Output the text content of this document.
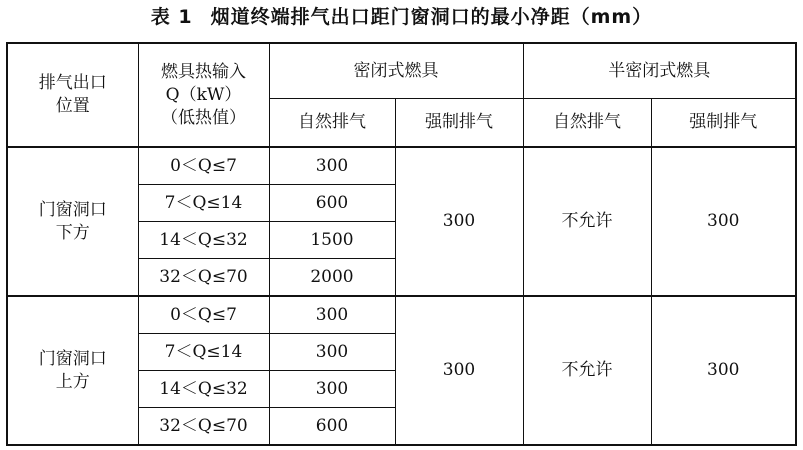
表 1 烟道终端排气出口距门窗洞口的最小净距（mm）
排气出口
位置	燃具热输入
Q（kW）
（低热值）	密闭式燃具		半密闭式燃具	
		自然排气	强制排气	自然排气	强制排气

门窗洞口
下方	0＜Q≤7	300	300	不允许	300
	7＜Q≤14	600			
	14＜Q≤32	1500			
	32＜Q≤70	2000			

门窗洞口
上方	0＜Q≤7	300	300	不允许	300
	7＜Q≤14	300			
	14＜Q≤32	300			
	32＜Q≤70	600			
